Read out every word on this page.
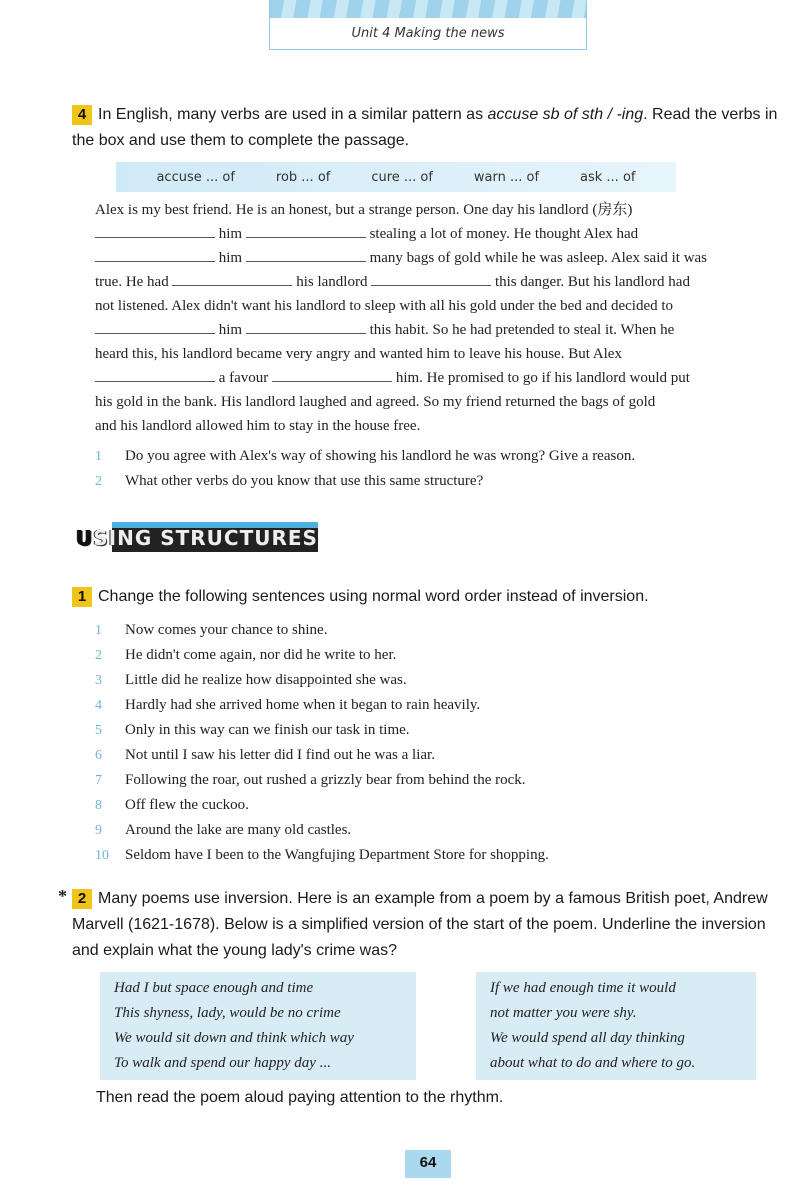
Unit 4 Making the news
4 In English, many verbs are used in a similar pattern as accuse sb of sth / -ing. Read the verbs in the box and use them to complete the passage.
accuse ... of	rob ... of	cure ... of	warn ... of	ask ... of

Alex is my best friend. He is an honest, but a strange person. One day his landlord (房东)

him	stealing a lot of money. He thought Alex had

him	many bags of gold while he was asleep. Alex said it was

true. He had	his landlord	this danger. But his landlord had

not listened. Alex didn't want his landlord to sleep with all his gold under the bed and decided to

him	this habit. So he had pretended to steal it. When he

heard this, his landlord became very angry and wanted him to leave his house. But Alex

a favour	him. He promised to go if his landlord would put

his gold in the bank. His landlord laughed and agreed. So my friend returned the bags of gold

and his landlord allowed him to stay in the house free.

1 Do you agree with Alex's way of showing his landlord he was wrong? Give a reason.
2 What other verbs do you know that use this same structure?
USING STRUCTURES
1 Change the following sentences using normal word order instead of inversion.
1 Now comes your chance to shine.
2 He didn't come again, nor did he write to her.
3 Little did he realize how disappointed she was.
4 Hardly had she arrived home when it began to rain heavily.
5 Only in this way can we finish our task in time.
6 Not until I saw his letter did I find out he was a liar.
7 Following the roar, out rushed a grizzly bear from behind the rock.
8 Off flew the cuckoo.
9 Around the lake are many old castles.
10 Seldom have I been to the Wangfujing Department Store for shopping.
* 2 Many poems use inversion. Here is an example from a poem by a famous British poet, Andrew Marvell (1621-1678). Below is a simplified version of the start of the poem. Underline the inversion and explain what the young lady's crime was?
Had I but space enough and time
This shyness, lady, would be no crime
We would sit down and think which way
To walk and spend our happy day ...
If we had enough time it would
not matter you were shy.
We would spend all day thinking
about what to do and where to go.
Then read the poem aloud paying attention to the rhythm.
64
